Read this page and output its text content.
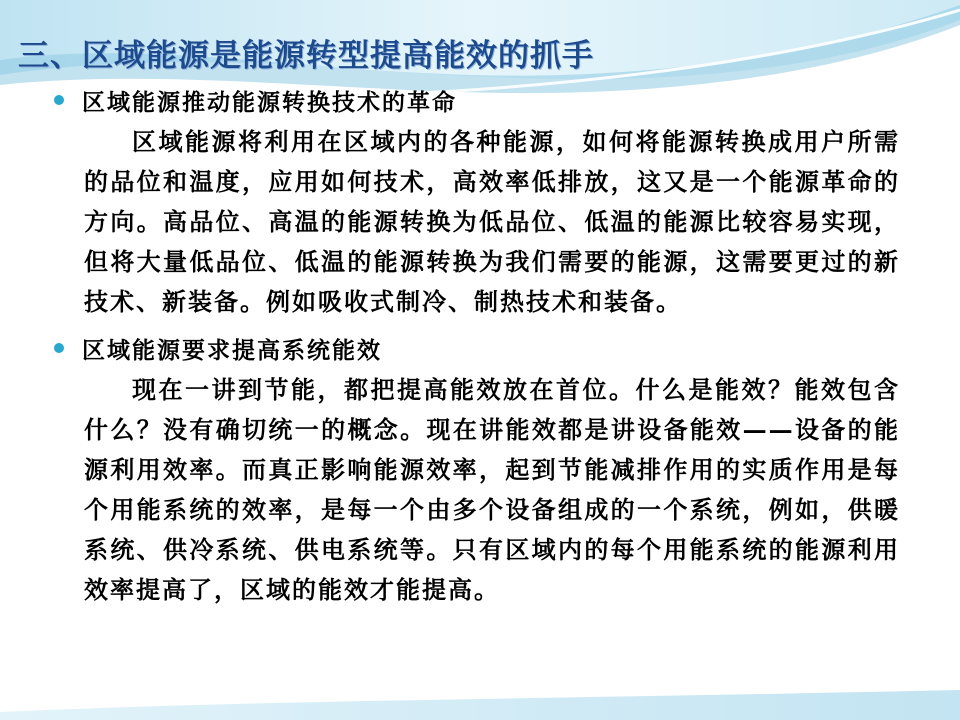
三、区域能源是能源转型提高能效的抓手
区域能源推动能源转换技术的革命
区域能源将利用在区域内的各种能源，如何将能源转换成用户所需的品位和温度，应用如何技术，高效率低排放，这又是一个能源革命的方向。高品位、高温的能源转换为低品位、低温的能源比较容易实现，但将大量低品位、低温的能源转换为我们需要的能源，这需要更过的新技术、新装备。例如吸收式制冷、制热技术和装备。
区域能源要求提高系统能效
现在一讲到节能，都把提高能效放在首位。什么是能效？能效包含什么？没有确切统一的概念。现在讲能效都是讲设备能效——设备的能源利用效率。而真正影响能源效率，起到节能减排作用的实质作用是每个用能系统的效率，是每一个由多个设备组成的一个系统，例如，供暖系统、供冷系统、供电系统等。只有区域内的每个用能系统的能源利用效率提高了，区域的能效才能提高。
